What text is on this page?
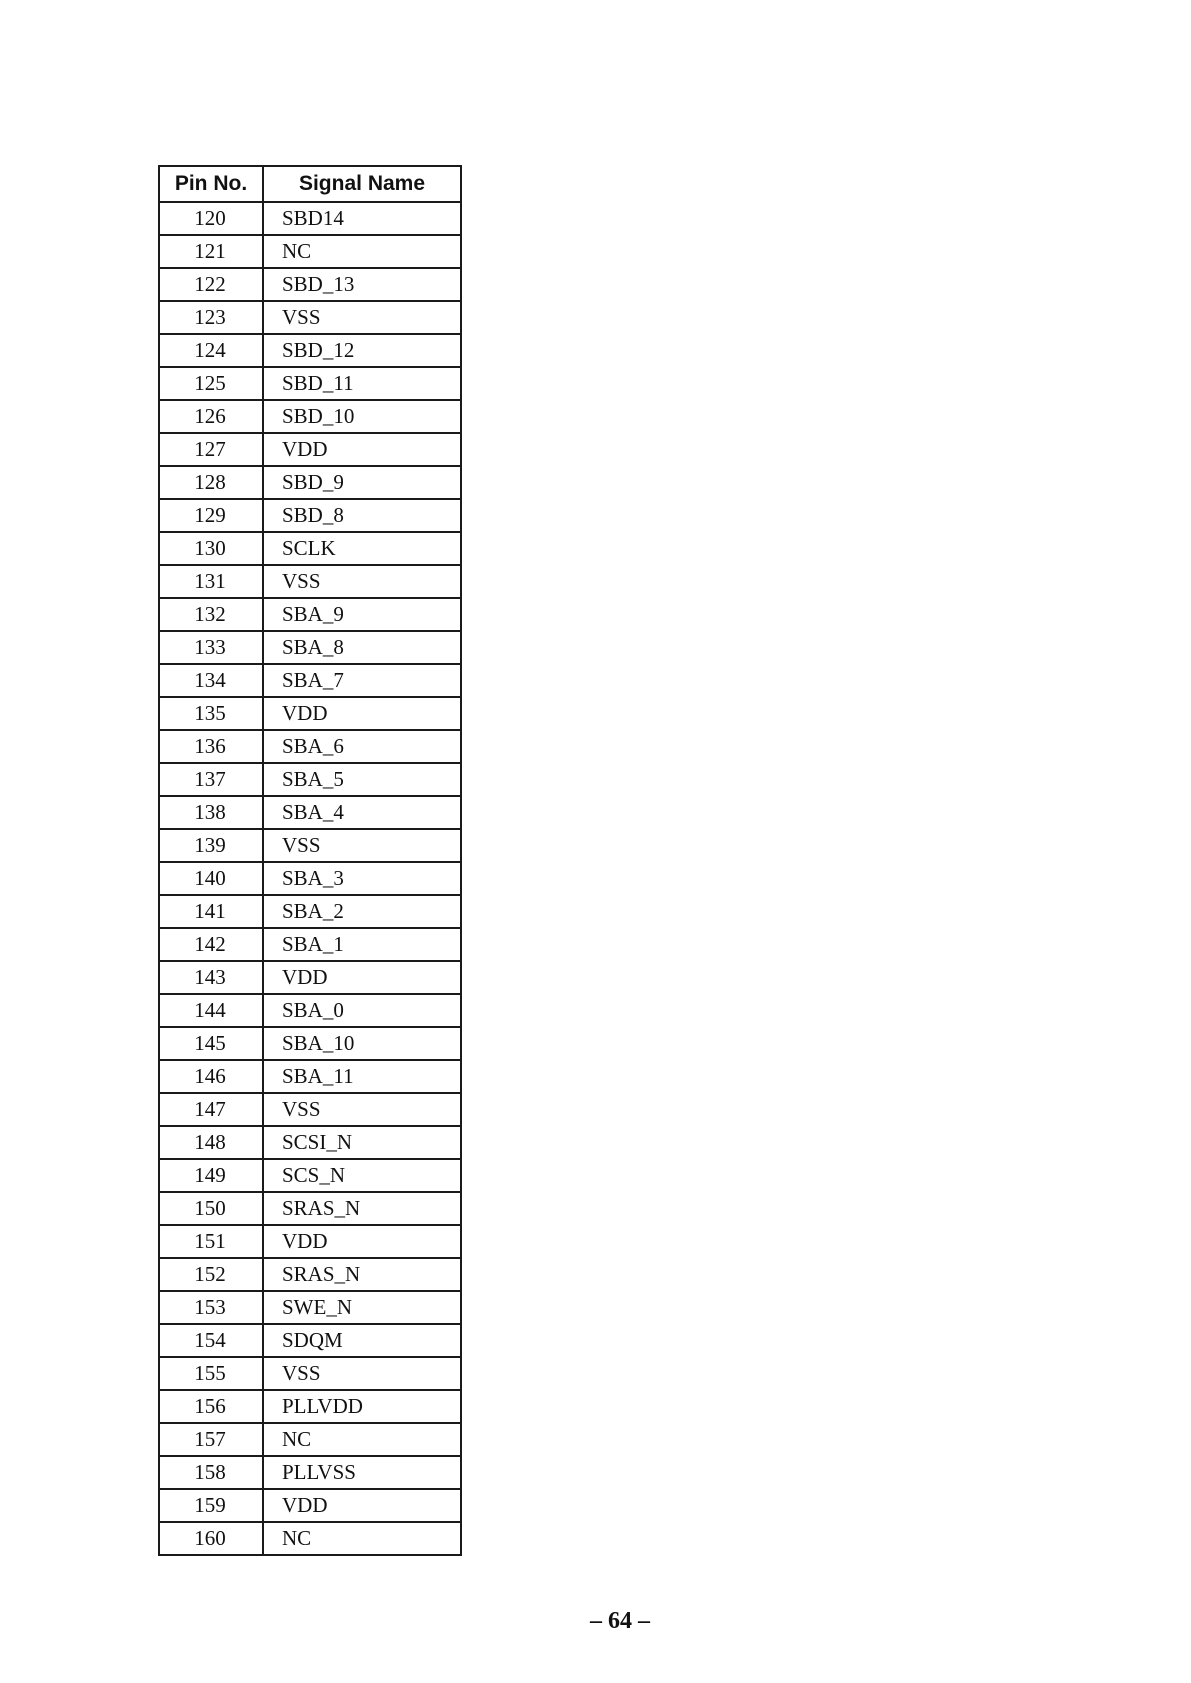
Pin No.	Signal Name
120	SBD14
121	NC
122	SBD_13
123	VSS
124	SBD_12
125	SBD_11
126	SBD_10
127	VDD
128	SBD_9
129	SBD_8
130	SCLK
131	VSS
132	SBA_9
133	SBA_8
134	SBA_7
135	VDD
136	SBA_6
137	SBA_5
138	SBA_4
139	VSS
140	SBA_3
141	SBA_2
142	SBA_1
143	VDD
144	SBA_0
145	SBA_10
146	SBA_11
147	VSS
148	SCSI_N
149	SCS_N
150	SRAS_N
151	VDD
152	SRAS_N
153	SWE_N
154	SDQM
155	VSS
156	PLLVDD
157	NC
158	PLLVSS
159	VDD
160	NC
– 64 –
